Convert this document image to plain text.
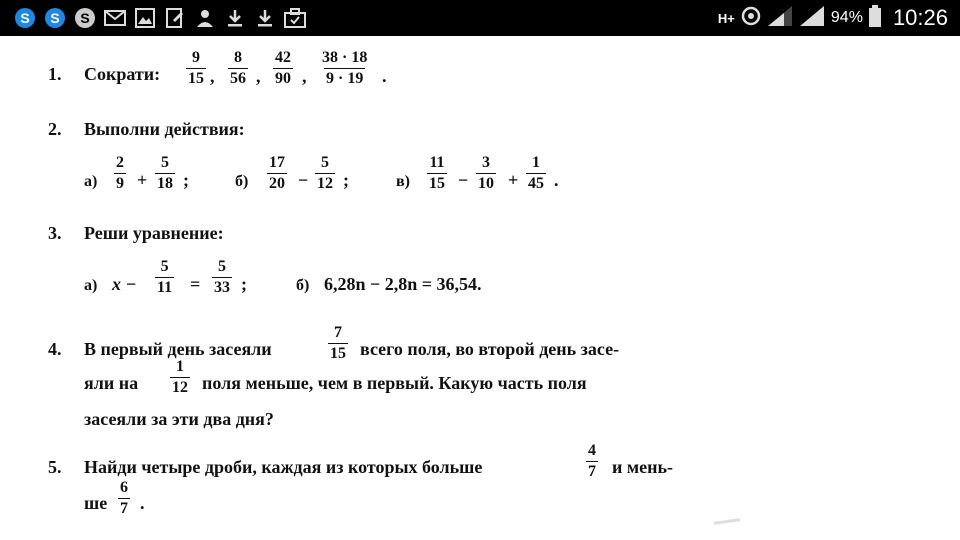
S S S	H+	94% 10:26
1. Сократи: $\frac{9}{15}$ , $\frac{8}{56}$ , $\frac{42}{90}$ , $\frac{38 \cdot 18}{9 \cdot 19}$ .
2. Выполни действия:
$а) \frac{2}{9} + \frac{5}{18}$ ;	$б) \frac{17}{20} - \frac{5}{12}$ ;	$в) \frac{11}{15} - \frac{3}{10} + \frac{1}{45}$ .
3. Реши уравнение:
а) $x - \frac{5}{11} = \frac{5}{33}$ ;	б) 6,28n − 2,8n = 36,54.
4. В первый день засеяли	$\frac{7}{15}$ всего поля, во второй день засе-
яли на $\frac{1}{12}$ поля меньше, чем в первый. Какую часть поля
засеяли за эти два дня?
5. Найди четыре дроби, каждая из которых больше	$\frac{4}{7}$ и мень-
ше $\frac{6}{7}$ .
